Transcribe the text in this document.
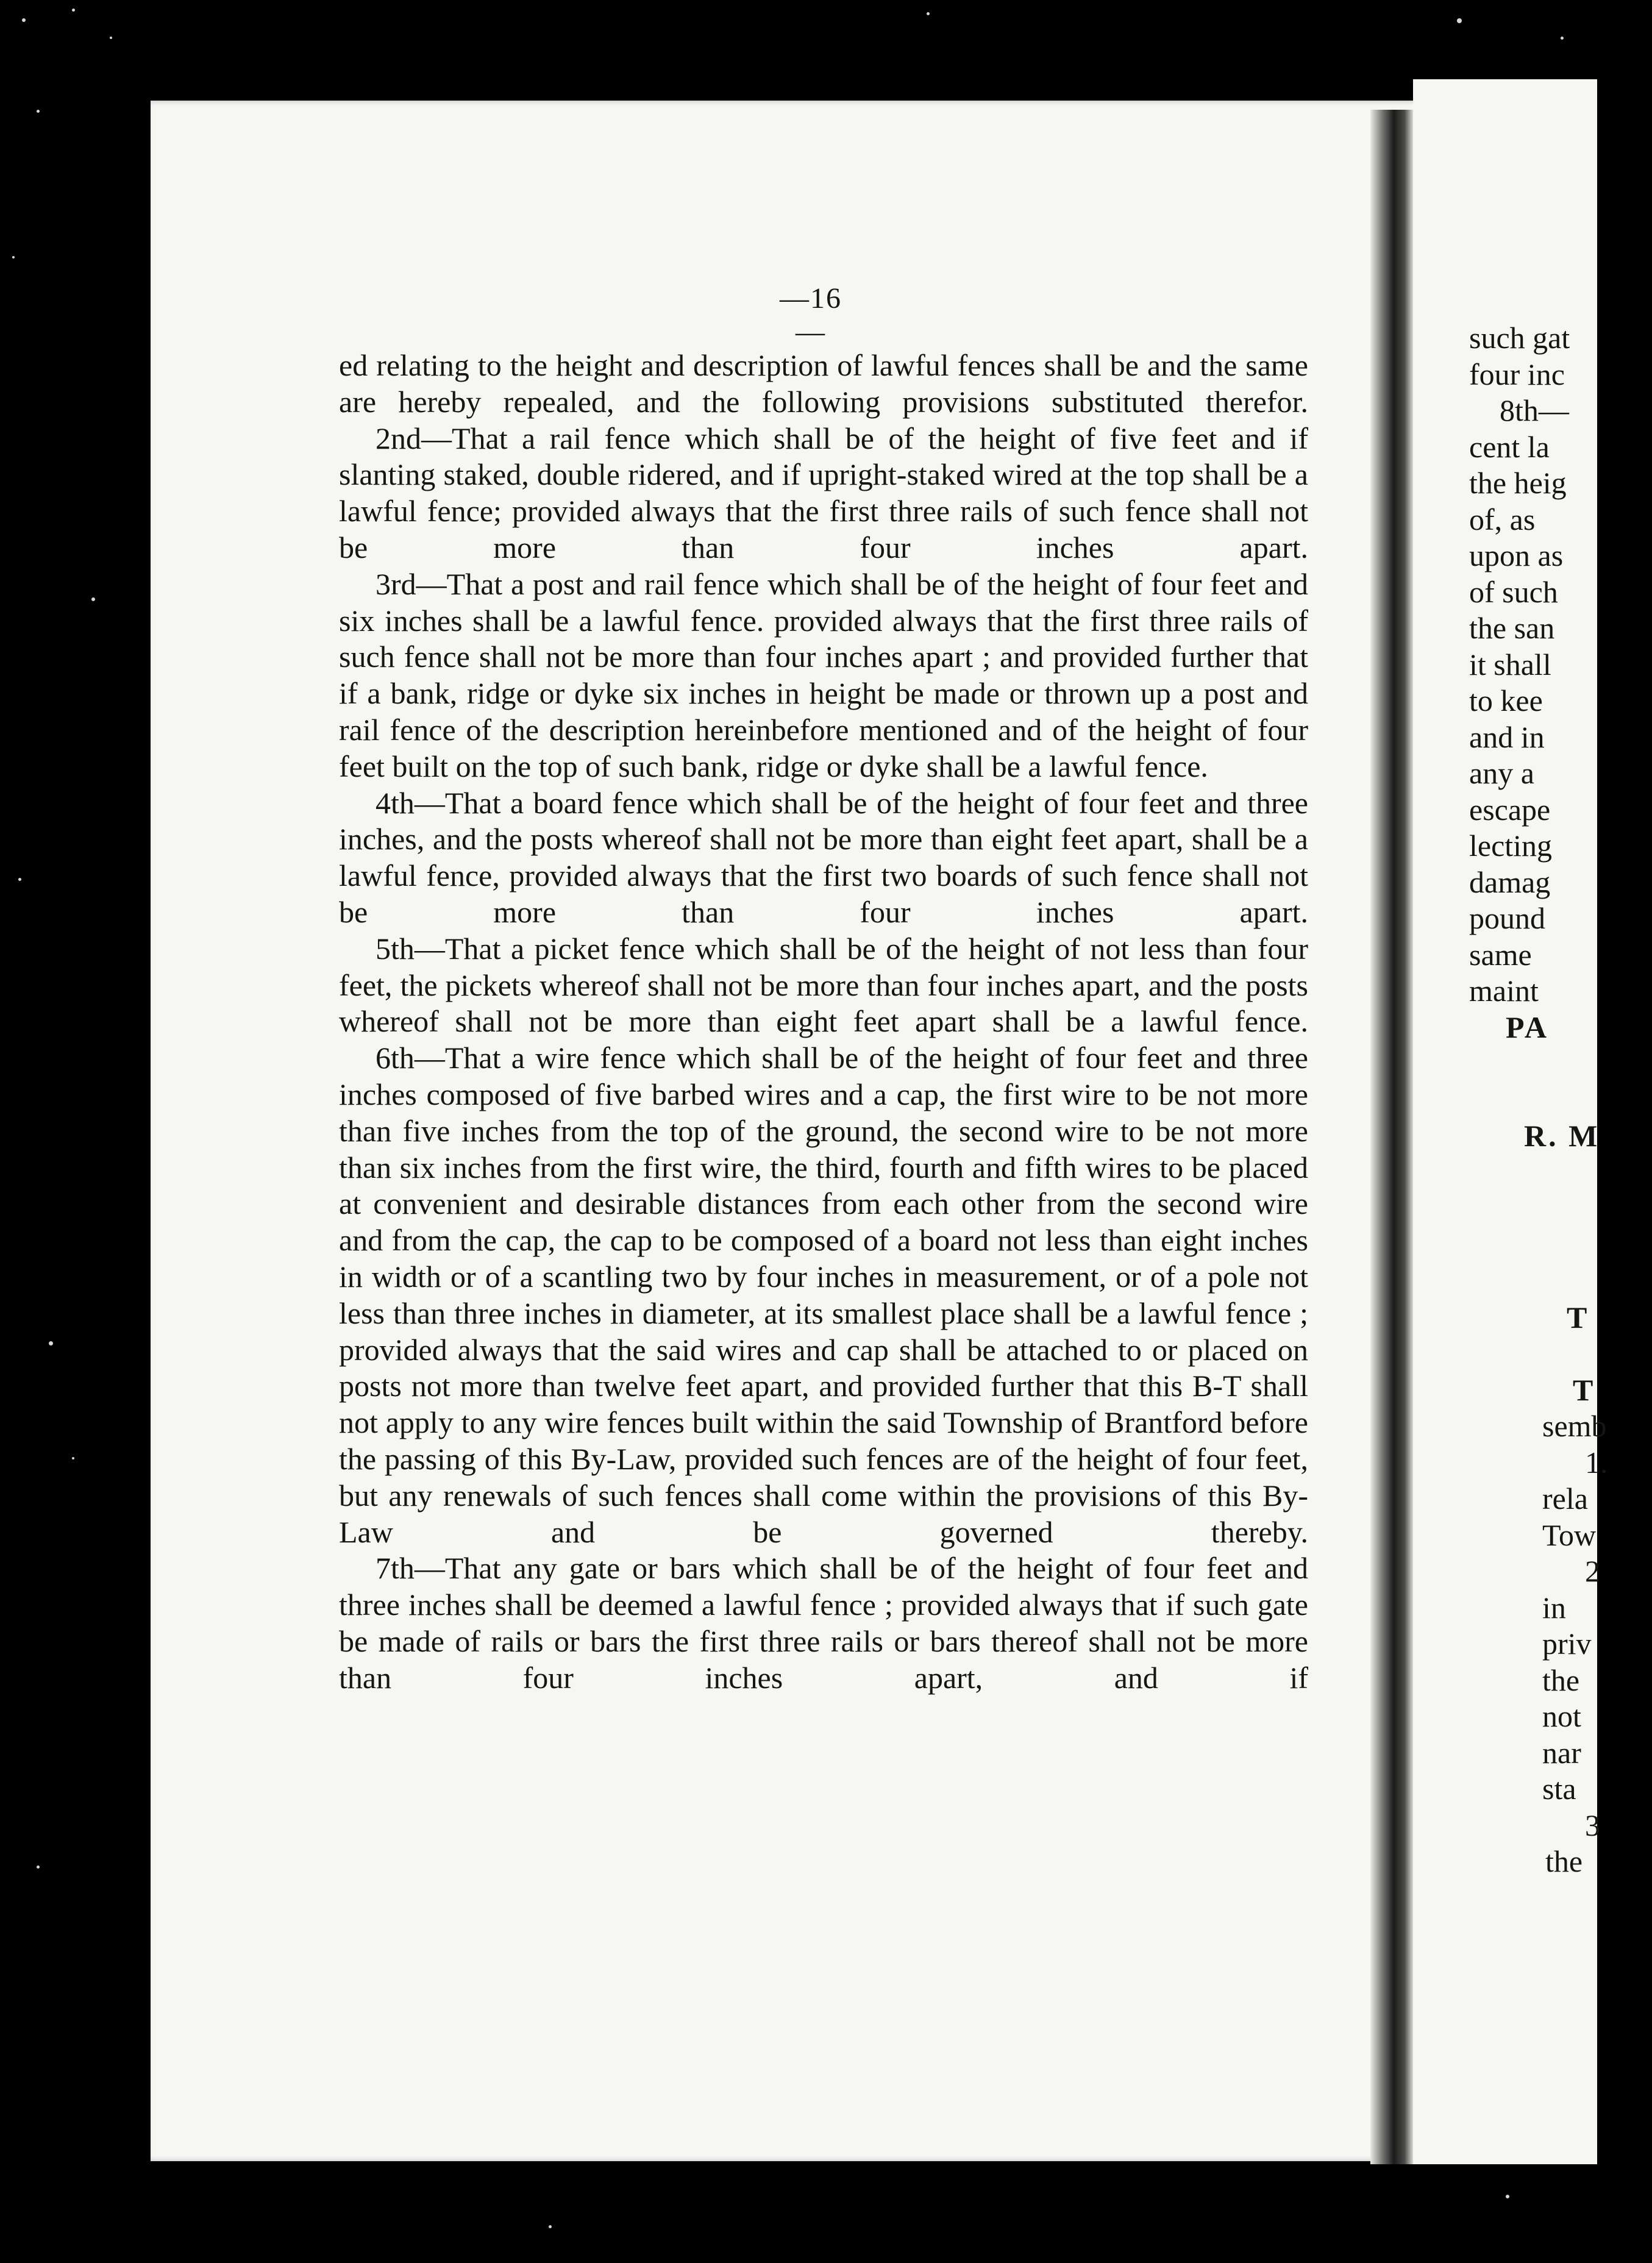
—16—
ed relating to the height and description of lawful fences shall be and the same are hereby repealed, and the following provisions substituted therefor.
2nd—That a rail fence which shall be of the height of five feet and if slanting staked, double ridered, and if upright-staked wired at the top shall be a lawful fence; provided always that the first three rails of such fence shall not be more than four inches apart.
3rd—That a post and rail fence which shall be of the height of four feet and six inches shall be a lawful fence. provided always that the first three rails of such fence shall not be more than four inches apart ; and provided further that if a bank, ridge or dyke six inches in height be made or thrown up a post and rail fence of the description hereinbefore mentioned and of the height of four feet built on the top of such bank, ridge or dyke shall be a lawful fence.
4th—That a board fence which shall be of the height of four feet and three inches, and the posts whereof shall not be more than eight feet apart, shall be a lawful fence, provided always that the first two boards of such fence shall not be more than four inches apart.
5th—That a picket fence which shall be of the height of not less than four feet, the pickets whereof shall not be more than four inches apart, and the posts whereof shall not be more than eight feet apart shall be a lawful fence.
6th—That a wire fence which shall be of the height of four feet and three inches composed of five barbed wires and a cap, the first wire to be not more than five inches from the top of the ground, the second wire to be not more than six inches from the first wire, the third, fourth and fifth wires to be placed at convenient and desirable distances from each other from the second wire and from the cap, the cap to be composed of a board not less than eight inches in width or of a scantling two by four inches in measurement, or of a pole not less than three inches in diameter, at its smallest place shall be a lawful fence ; provided always that the said wires and cap shall be attached to or placed on posts not more than twelve feet apart, and provided further that this B-T shall not apply to any wire fences built within the said Township of Brantford before the passing of this By-Law, provided such fences are of the height of four feet, but any renewals of such fences shall come within the provisions of this By-Law and be governed thereby.
7th—That any gate or bars which shall be of the height of four feet and three inches shall be deemed a lawful fence ; provided always that if such gate be made of rails or bars the first three rails or bars thereof shall not be more than four inches apart, and if
such gat
four inc
8th—
cent la
the heig
of, as
upon as
of such
the san
it shall
to kee
and in
any a
escape
lecting
damag
pound
same
maint
PA
R. M
T
T
semb
1.
rela
Tow
2
in
priv
the
not
nar
sta
3
the
